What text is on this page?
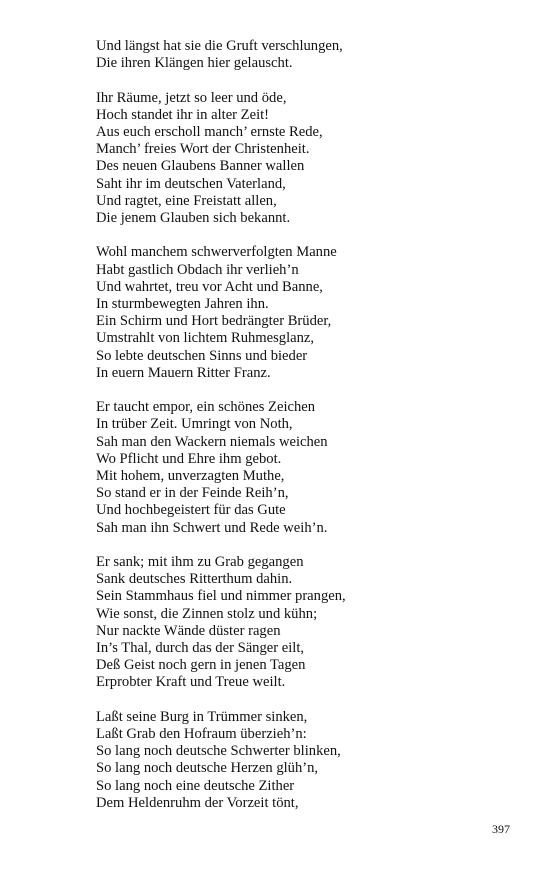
Und längst hat sie die Gruft verschlungen,
Die ihren Klängen hier gelauscht.
Ihr Räume, jetzt so leer und öde,
Hoch standet ihr in alter Zeit!
Aus euch erscholl manch’ ernste Rede,
Manch’ freies Wort der Christenheit.
Des neuen Glaubens Banner wallen
Saht ihr im deutschen Vaterland,
Und ragtet, eine Freistatt allen,
Die jenem Glauben sich bekannt.
Wohl manchem schwerverfolgten Manne
Habt gastlich Obdach ihr verlieh’n
Und wahrtet, treu vor Acht und Banne,
In sturmbewegten Jahren ihn.
Ein Schirm und Hort bedrängter Brüder,
Umstrahlt von lichtem Ruhmesglanz,
So lebte deutschen Sinns und bieder
In euern Mauern Ritter Franz.
Er taucht empor, ein schönes Zeichen
In trüber Zeit. Umringt von Noth,
Sah man den Wackern niemals weichen
Wo Pflicht und Ehre ihm gebot.
Mit hohem, unverzagten Muthe,
So stand er in der Feinde Reih’n,
Und hochbegeistert für das Gute
Sah man ihn Schwert und Rede weih’n.
Er sank; mit ihm zu Grab gegangen
Sank deutsches Ritterthum dahin.
Sein Stammhaus fiel und nimmer prangen,
Wie sonst, die Zinnen stolz und kühn;
Nur nackte Wände düster ragen
In’s Thal, durch das der Sänger eilt,
Deß Geist noch gern in jenen Tagen
Erprobter Kraft und Treue weilt.
Laßt seine Burg in Trümmer sinken,
Laßt Grab den Hofraum überzieh’n:
So lang noch deutsche Schwerter blinken,
So lang noch deutsche Herzen glüh’n,
So lang noch eine deutsche Zither
Dem Heldenruhm der Vorzeit tönt,
397
